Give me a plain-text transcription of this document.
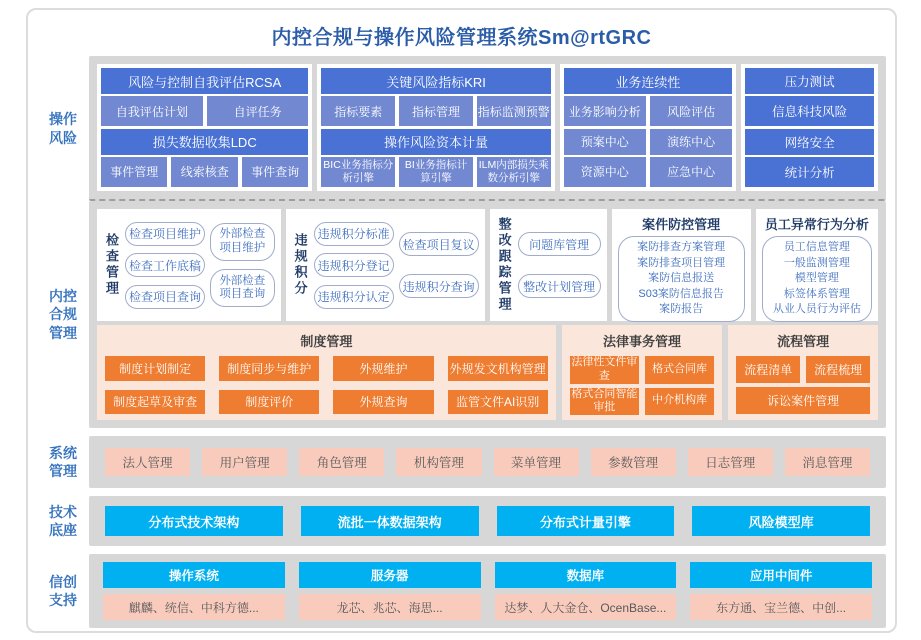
内控合规与操作风险管理系统Sm@rtGRC
操作风险
内控合规管理
风险与控制自我评估RCSA
自我评估计划	自评任务
损失数据收集LDC
事件管理	线索核查	事件查询
关键风险指标KRI
指标要素	指标管理	指标监测预警
操作风险资本计量
BIC业务指标分析引擎
BI业务指标计算引擎
ILM内部损失乘数分析引擎
业务连续性
业务影响分析	风险评估
预案中心	演练中心
资源中心	应急中心
压力测试
信息科技风险
网络安全
统计分析
检查管理 检查项目维护
检查工作底稿
检查项目查询
外部检查项目维护
外部检查项目查询	违规积分 违规积分标准
违规积分登记
违规积分认定
检查项目复议
违规积分查询	整改跟踪管理	问题库管理
整改计划管理
案件防控管理
案防排查方案管理
案防排查项目管理
案防信息报送
S03案防信息报告
案防报告
员工异常行为分析
员工信息管理
一般监测管理
模型管理
标签体系管理
从业人员行为评估
制度管理
制度计划制定	制度同步与维护	外规维护	外规发文机构管理
制度起草及审查	制度评价	外规查询	监管文件AI识别
法律事务管理
法律性文件审查
格式合同库
格式合同智能审批
中介机构库
流程管理
流程清单	流程梳理
诉讼案件管理
系统管理	法人管理	用户管理	角色管理	机构管理	菜单管理	参数管理	日志管理	消息管理
技术底座	分布式技术架构	流批一体数据架构	分布式计量引擎	风险模型库
信创支持
操作系统
麒麟、统信、中科方德...
服务器
龙芯、兆芯、海思...
数据库
达梦、人大金仓、OcenBase...
应用中间件
东方通、宝兰德、中创...
